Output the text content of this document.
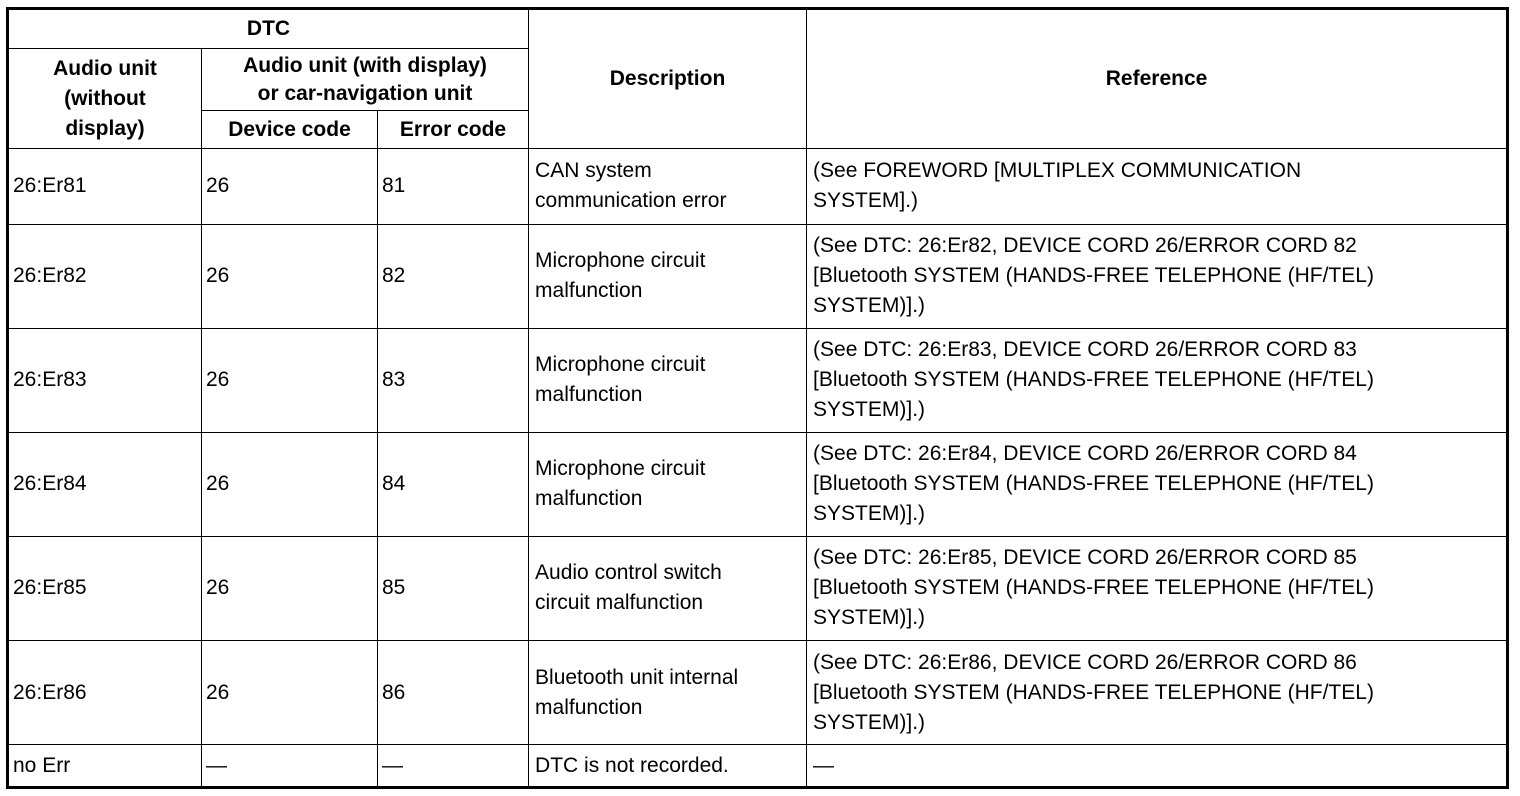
DTC			Description	Reference
Audio unit
(without
display)	Audio unit (with display)
or car-navigation unit			
	Device code	Error code		
26:Er81	26	81	CAN system
communication error	(See FOREWORD [MULTIPLEX COMMUNICATION
SYSTEM].)
26:Er82	26	82	Microphone circuit
malfunction	(See DTC: 26:Er82, DEVICE CORD 26/ERROR CORD 82
[Bluetooth SYSTEM (HANDS-FREE TELEPHONE (HF/TEL)
SYSTEM)].)
26:Er83	26	83	Microphone circuit
malfunction	(See DTC: 26:Er83, DEVICE CORD 26/ERROR CORD 83
[Bluetooth SYSTEM (HANDS-FREE TELEPHONE (HF/TEL)
SYSTEM)].)
26:Er84	26	84	Microphone circuit
malfunction	(See DTC: 26:Er84, DEVICE CORD 26/ERROR CORD 84
[Bluetooth SYSTEM (HANDS-FREE TELEPHONE (HF/TEL)
SYSTEM)].)
26:Er85	26	85	Audio control switch
circuit malfunction	(See DTC: 26:Er85, DEVICE CORD 26/ERROR CORD 85
[Bluetooth SYSTEM (HANDS-FREE TELEPHONE (HF/TEL)
SYSTEM)].)
26:Er86	26	86	Bluetooth unit internal
malfunction	(See DTC: 26:Er86, DEVICE CORD 26/ERROR CORD 86
[Bluetooth SYSTEM (HANDS-FREE TELEPHONE (HF/TEL)
SYSTEM)].)
no Err	—	—	DTC is not recorded.	—
